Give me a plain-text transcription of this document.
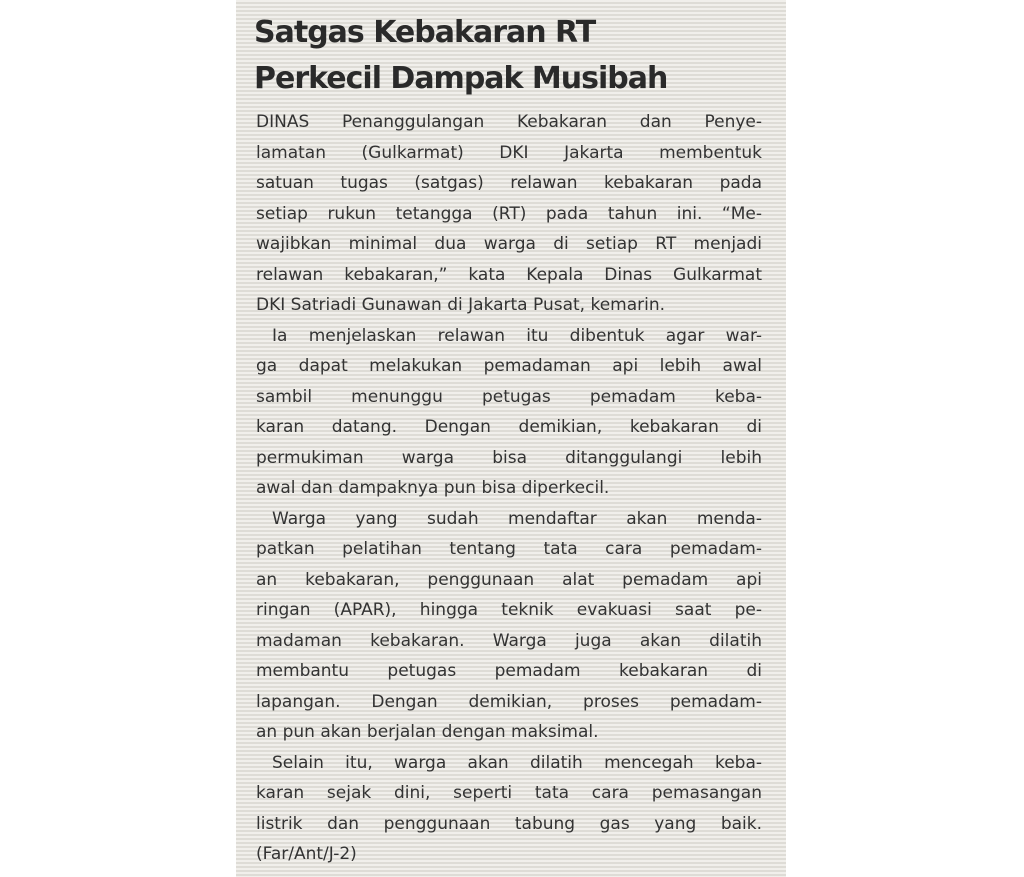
Satgas Kebakaran RT
Perkecil Dampak Musibah

DINAS Penanggulangan Kebakaran dan Penye-
lamatan (Gulkarmat) DKI Jakarta membentuk
satuan tugas (satgas) relawan kebakaran pada
setiap rukun tetangga (RT) pada tahun ini. “Me-
wajibkan minimal dua warga di setiap RT menjadi
relawan kebakaran,” kata Kepala Dinas Gulkarmat
DKI Satriadi Gunawan di Jakarta Pusat, kemarin.

Ia menjelaskan relawan itu dibentuk agar war-
ga dapat melakukan pemadaman api lebih awal
sambil menunggu petugas pemadam keba-
karan datang. Dengan demikian, kebakaran di
permukiman warga bisa ditanggulangi lebih
awal dan dampaknya pun bisa diperkecil.

Warga yang sudah mendaftar akan menda-
patkan pelatihan tentang tata cara pemadam-
an kebakaran, penggunaan alat pemadam api
ringan (APAR), hingga teknik evakuasi saat pe-
madaman kebakaran. Warga juga akan dilatih
membantu petugas pemadam kebakaran di
lapangan. Dengan demikian, proses pemadam-
an pun akan berjalan dengan maksimal.

Selain itu, warga akan dilatih mencegah keba-
karan sejak dini, seperti tata cara pemasangan
listrik dan penggunaan tabung gas yang baik.
(Far/Ant/J-2)
